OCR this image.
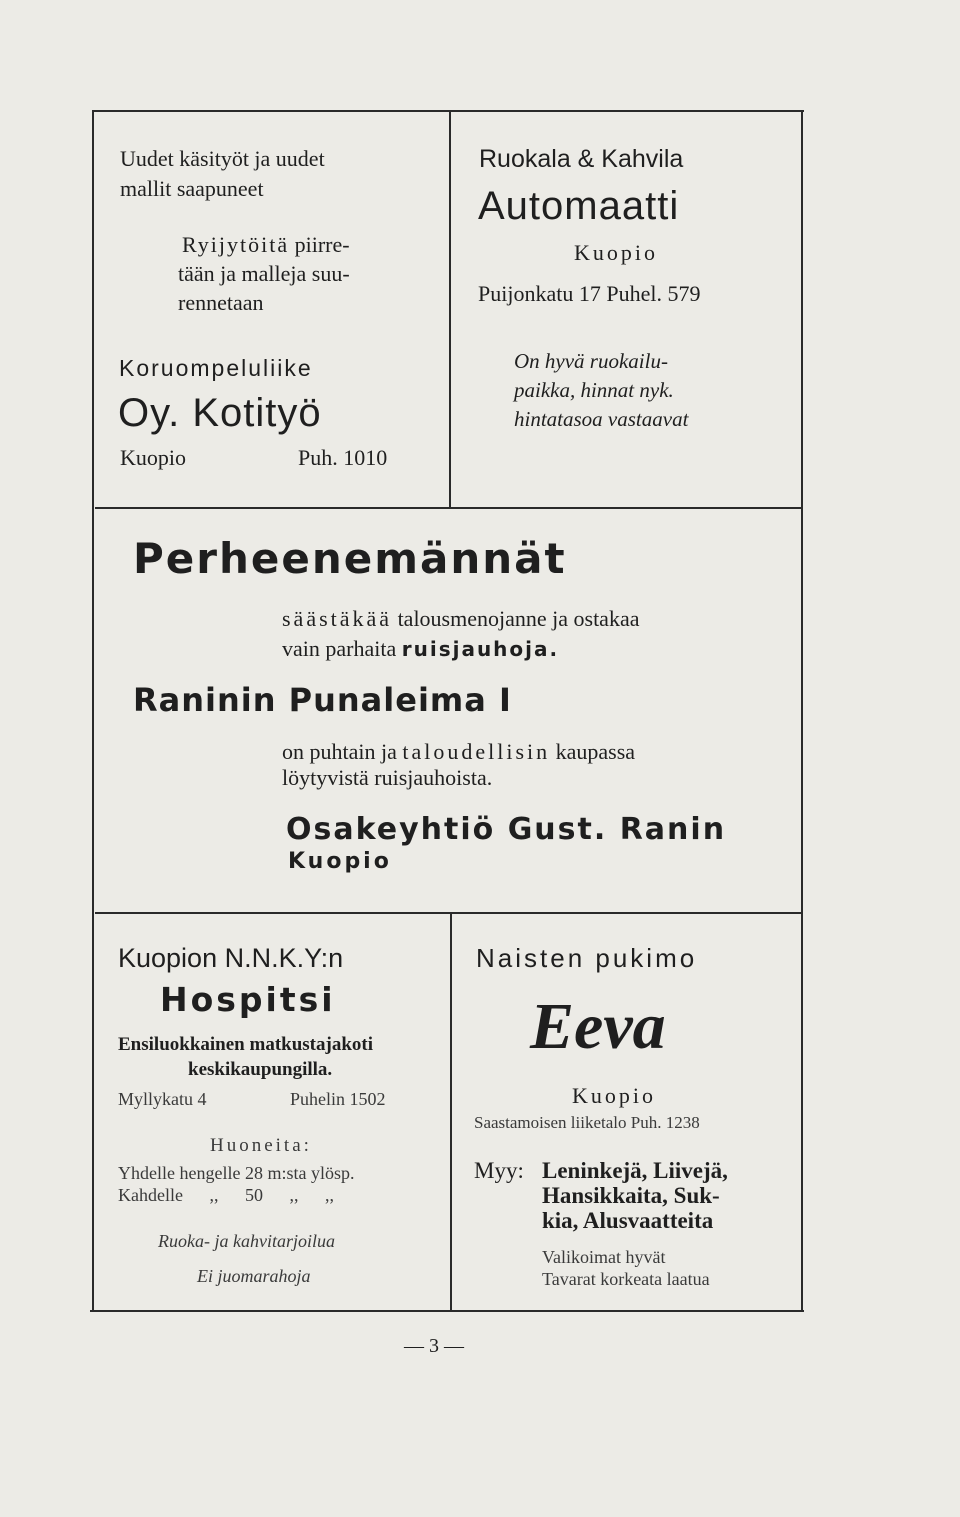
Uudet käsityöt ja uudet
mallit saapuneet
Ryijytöitä piirre-
tään ja malleja suu-
rennetaan
Koruompeluliike
Oy. Kotityö
Kuopio	Puh. 1010
Ruokala & Kahvila
Automaatti
Kuopio
Puijonkatu 17 Puhel. 579
On hyvä ruokailu-
paikka, hinnat nyk.
hintatasoa vastaavat
Perheenemännät
säästäkää talousmenojanne ja ostakaa
vain parhaita ruisjauhoja.
Raninin Punaleima I
on puhtain ja taloudellisin kaupassa
löytyvistä ruisjauhoista.
Osakeyhtiö Gust. Ranin
Kuopio
Kuopion N.N.K.Y:n
Hospitsi
Ensiluokkainen matkustajakoti
keskikaupungilla.
Myllykatu 4	Puhelin 1502
Huoneita:
Yhdelle hengelle 28 m:sta ylösp.
Kahdelle ,, 50 ,, ,,
Ruoka- ja kahvitarjoilua
Ei juomarahoja
Naisten pukimo
Eeva
Kuopio
Saastamoisen liiketalo Puh. 1238
Myy: Leninkejä, Liivejä,
Hansikkaita, Suk-
kia, Alusvaatteita
Valikoimat hyvät
Tavarat korkeata laatua
— 3 —
